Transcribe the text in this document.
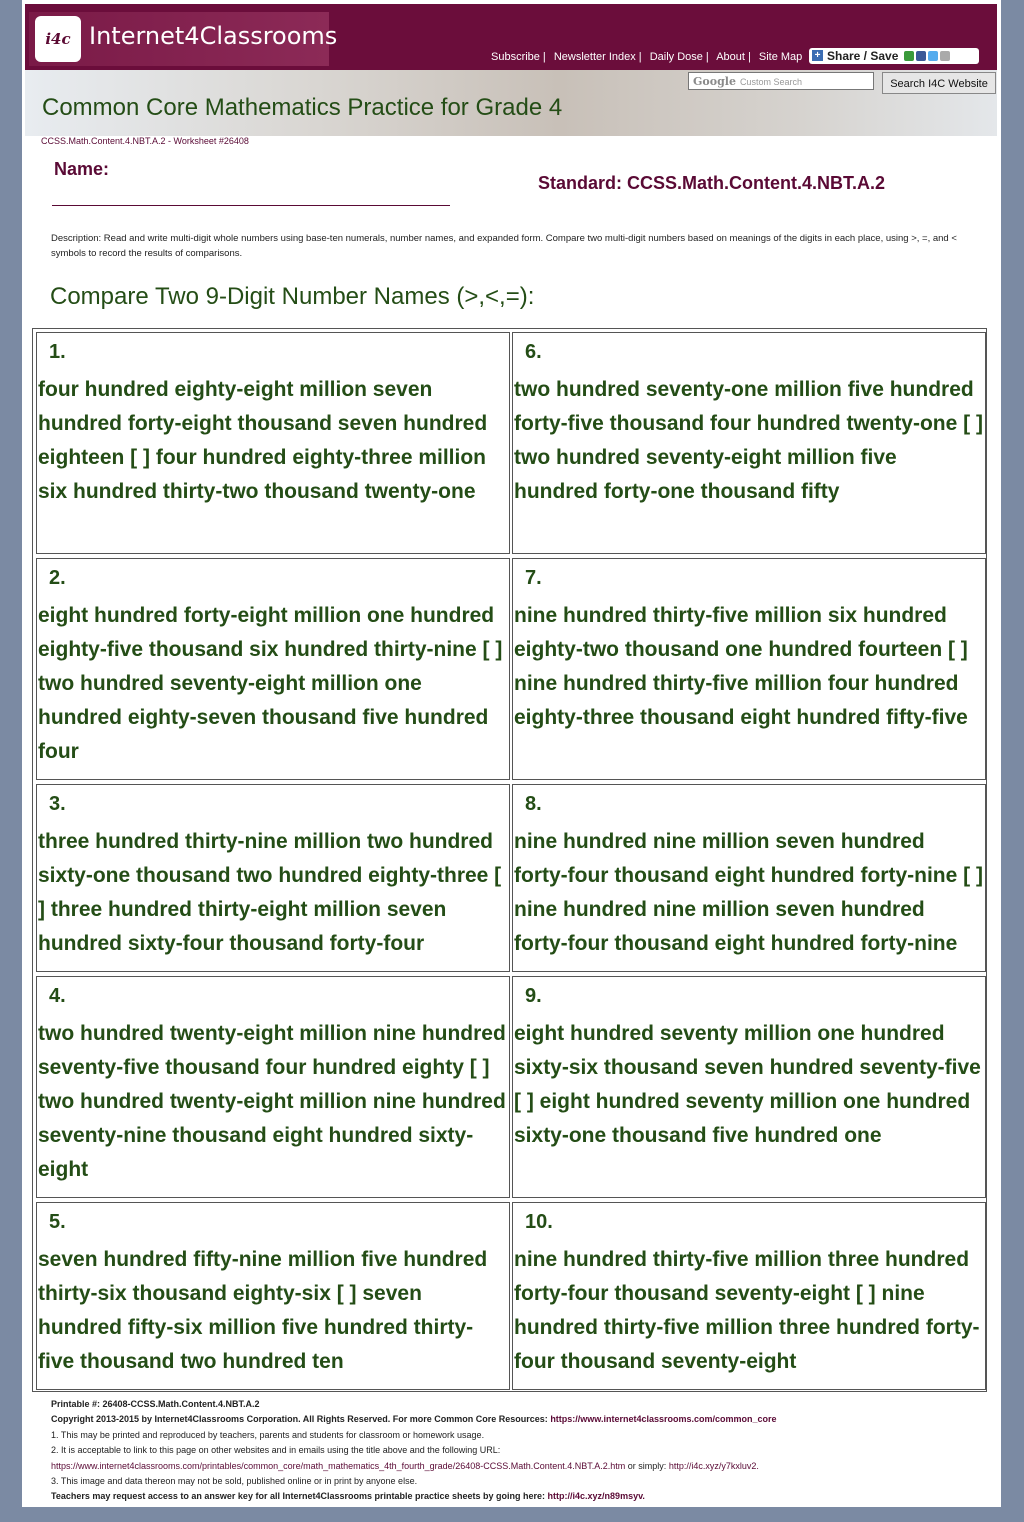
i4c Internet4Classrooms
Subscribe | Newsletter Index | Daily Dose | About | Site Map	+ Share / Save
Google Custom Search	Search I4C Website
Common Core Mathematics Practice for Grade 4
CCSS.Math.Content.4.NBT.A.2 - Worksheet #26408
Name:
Standard: CCSS.Math.Content.4.NBT.A.2
Description: Read and write multi-digit whole numbers using base-ten numerals, number names, and expanded form. Compare two multi-digit numbers based on meanings of the digits in each place, using >, =, and < symbols to record the results of comparisons.
Compare Two 9-Digit Number Names (>,<,=):
1.
four hundred eighty-eight million seven hundred forty-eight thousand seven hundred eighteen [ ] four hundred eighty-three million six hundred thirty-two thousand twenty-one
6.
two hundred seventy-one million five hundred forty-five thousand four hundred twenty-one [ ] two hundred seventy-eight million five hundred forty-one thousand fifty
2.
eight hundred forty-eight million one hundred eighty-five thousand six hundred thirty-nine [ ] two hundred seventy-eight million one hundred eighty-seven thousand five hundred four
7.
nine hundred thirty-five million six hundred eighty-two thousand one hundred fourteen [ ] nine hundred thirty-five million four hundred eighty-three thousand eight hundred fifty-five
3.
three hundred thirty-nine million two hundred sixty-one thousand two hundred eighty-three [ ] three hundred thirty-eight million seven hundred sixty-four thousand forty-four
8.
nine hundred nine million seven hundred forty-four thousand eight hundred forty-nine [ ] nine hundred nine million seven hundred forty-four thousand eight hundred forty-nine
4.
two hundred twenty-eight million nine hundred seventy-five thousand four hundred eighty [ ] two hundred twenty-eight million nine hundred seventy-nine thousand eight hundred sixty-eight
9.
eight hundred seventy million one hundred sixty-six thousand seven hundred seventy-five [ ] eight hundred seventy million one hundred sixty-one thousand five hundred one
5.
seven hundred fifty-nine million five hundred thirty-six thousand eighty-six [ ] seven hundred fifty-six million five hundred thirty-five thousand two hundred ten
10.
nine hundred thirty-five million three hundred forty-four thousand seventy-eight [ ] nine hundred thirty-five million three hundred forty-four thousand seventy-eight
Printable #: 26408-CCSS.Math.Content.4.NBT.A.2
Copyright 2013-2015 by Internet4Classrooms Corporation. All Rights Reserved. For more Common Core Resources: https://www.internet4classrooms.com/common_core
1. This may be printed and reproduced by teachers, parents and students for classroom or homework usage.
2. It is acceptable to link to this page on other websites and in emails using the title above and the following URL:
https://www.internet4classrooms.com/printables/common_core/math_mathematics_4th_fourth_grade/26408-CCSS.Math.Content.4.NBT.A.2.htm or simply: http://i4c.xyz/y7kxluv2.
3. This image and data thereon may not be sold, published online or in print by anyone else.
Teachers may request access to an answer key for all Internet4Classrooms printable practice sheets by going here: http://i4c.xyz/n89msyv.
